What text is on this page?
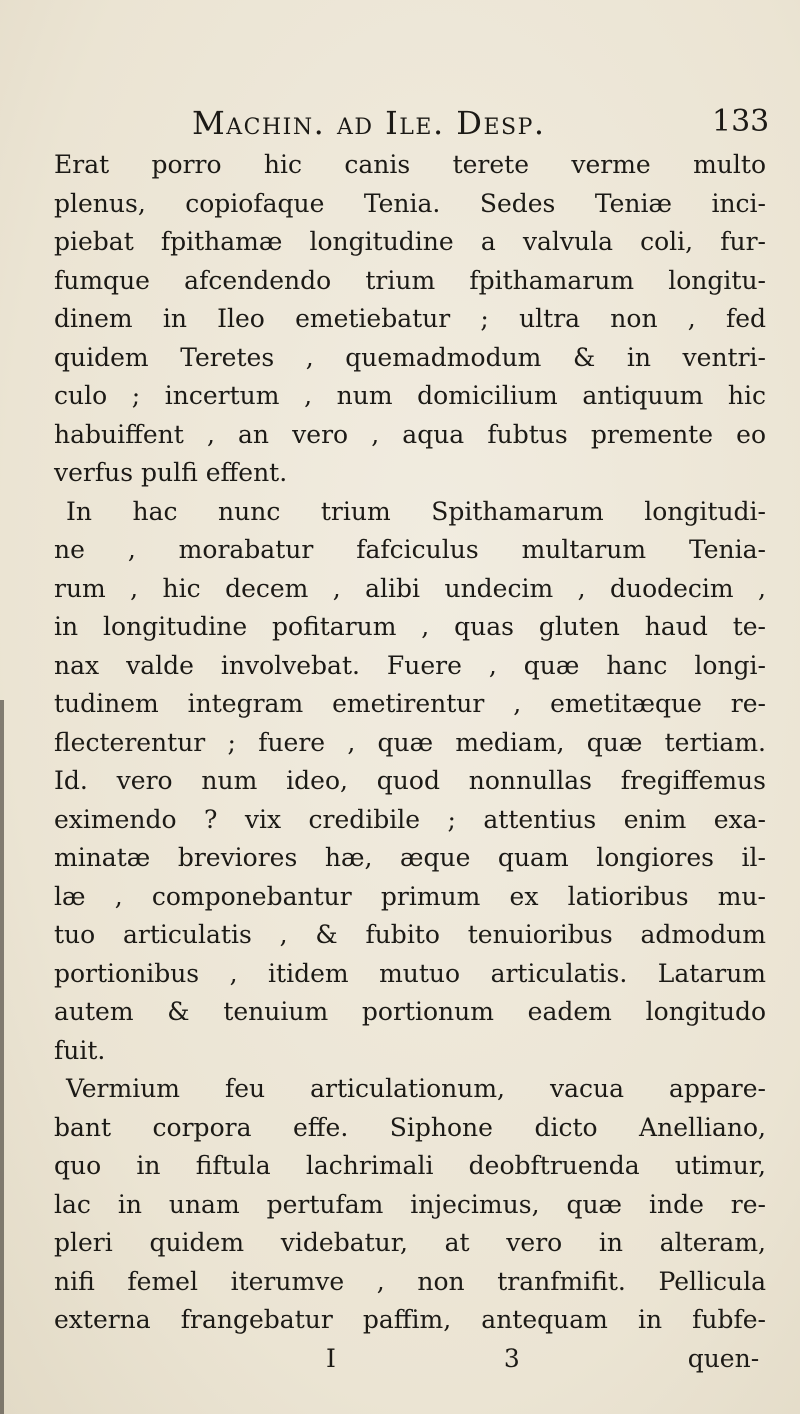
Machin. ad Ile. Desp.	133
Erat porro hic canis terete verme multo
plenus, copiofaque Tenia. Sedes Teniæ inci-
piebat fpithamæ longitudine a valvula coli, fur-
fumque afcendendo trium fpithamarum longitu-
dinem in Ileo emetiebatur ; ultra non , fed
quidem Teretes , quemadmodum & in ventri-
culo ; incertum , num domicilium antiquum hic
habuiffent , an vero , aqua fubtus premente eo
verfus pulfi effent.
In hac nunc trium Spithamarum longitudi-
ne , morabatur fafciculus multarum Tenia-
rum , hic decem , alibi undecim , duodecim ,
in longitudine pofitarum , quas gluten haud te-
nax valde involvebat. Fuere , quæ hanc longi-
tudinem integram emetirentur , emetitæque re-
flecterentur ; fuere , quæ mediam, quæ tertiam.
Id. vero num ideo, quod nonnullas fregiffemus
eximendo ? vix credibile ; attentius enim exa-
minatæ breviores hæ, æque quam longiores il-
læ , componebantur primum ex latioribus mu-
tuo articulatis , & fubito tenuioribus admodum
portionibus , itidem mutuo articulatis. Latarum
autem & tenuium portionum eadem longitudo
fuit.
Vermium feu articulationum, vacua appare-
bant corpora effe. Siphone dicto Anelliano,
quo in fiftula lachrimali deobftruenda utimur,
lac in unam pertufam injecimus, quæ inde re-
pleri quidem videbatur, at vero in alteram,
nifi femel iterumve , non tranfmifit. Pellicula
externa frangebatur paffim, antequam in fubfe-
I 3	quen-
